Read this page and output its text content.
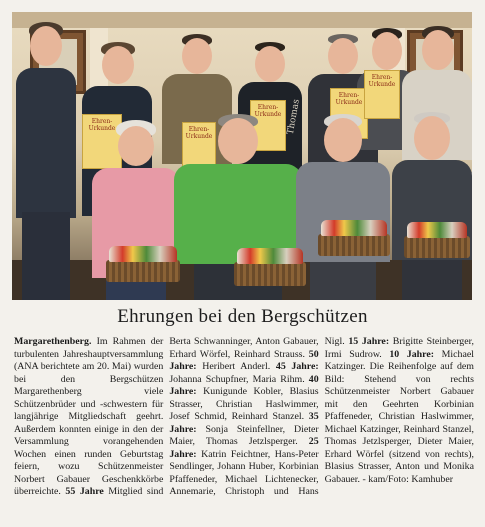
Thomas
Ehren-Urkunde	Ehren-Urkunde
Ehren-Urkunde
Ehren-Urkunde
Ehren-Urkunde
Ehrungen bei den Bergschützen

Margarethenberg. Im Rahmen der turbulenten Jahreshauptversammlung (ANA berichtete am 20. Mai) wurden bei den Bergschützen Margarethenberg viele Schützenbrüder und -schwestern für langjährige Mitgliedschaft geehrt. Außerdem konnten einige in den der Versammlung vorangehenden Wochen einen runden Geburtstag feiern, wozu Schützenmeister Norbert Gabauer Geschenkkörbe überreichte. 55 Jahre Mitglied sind Berta Schwanninger, Anton Gabauer, Erhard Wörfel, Reinhard Strauss. 50 Jahre: Heribert Anderl. 45 Jahre: Johanna Schupfner, Maria Rihm. 40 Jahre: Kunigunde Kobler, Blasius Strasser, Christian Haslwimmer, Josef Schmid, Reinhard Stanzel. 35 Jahre: Sonja Steinfellner, Dieter Maier, Thomas Jetzlsperger. 25 Jahre: Katrin Feichtner, Hans-Peter Sendlinger, Johann Huber, Korbinian Pfaffeneder, Michael Lichtenecker, Annemarie, Christoph und Hans Nigl. 15 Jahre: Brigitte Steinberger, Irmi Sudrow. 10 Jahre: Michael Katzinger. Die Reihenfolge auf dem Bild: Stehend von rechts Schützenmeister Norbert Gabauer mit den Geehrten Korbinian Pfaffeneder, Christian Haslwimmer, Michael Katzinger, Reinhard Stanzel, Thomas Jetzlsperger, Dieter Maier, Erhard Wörfel (sitzend von rechts), Blasius Strasser, Anton und Monika Gabauer. - kam/Foto: Kamhuber
